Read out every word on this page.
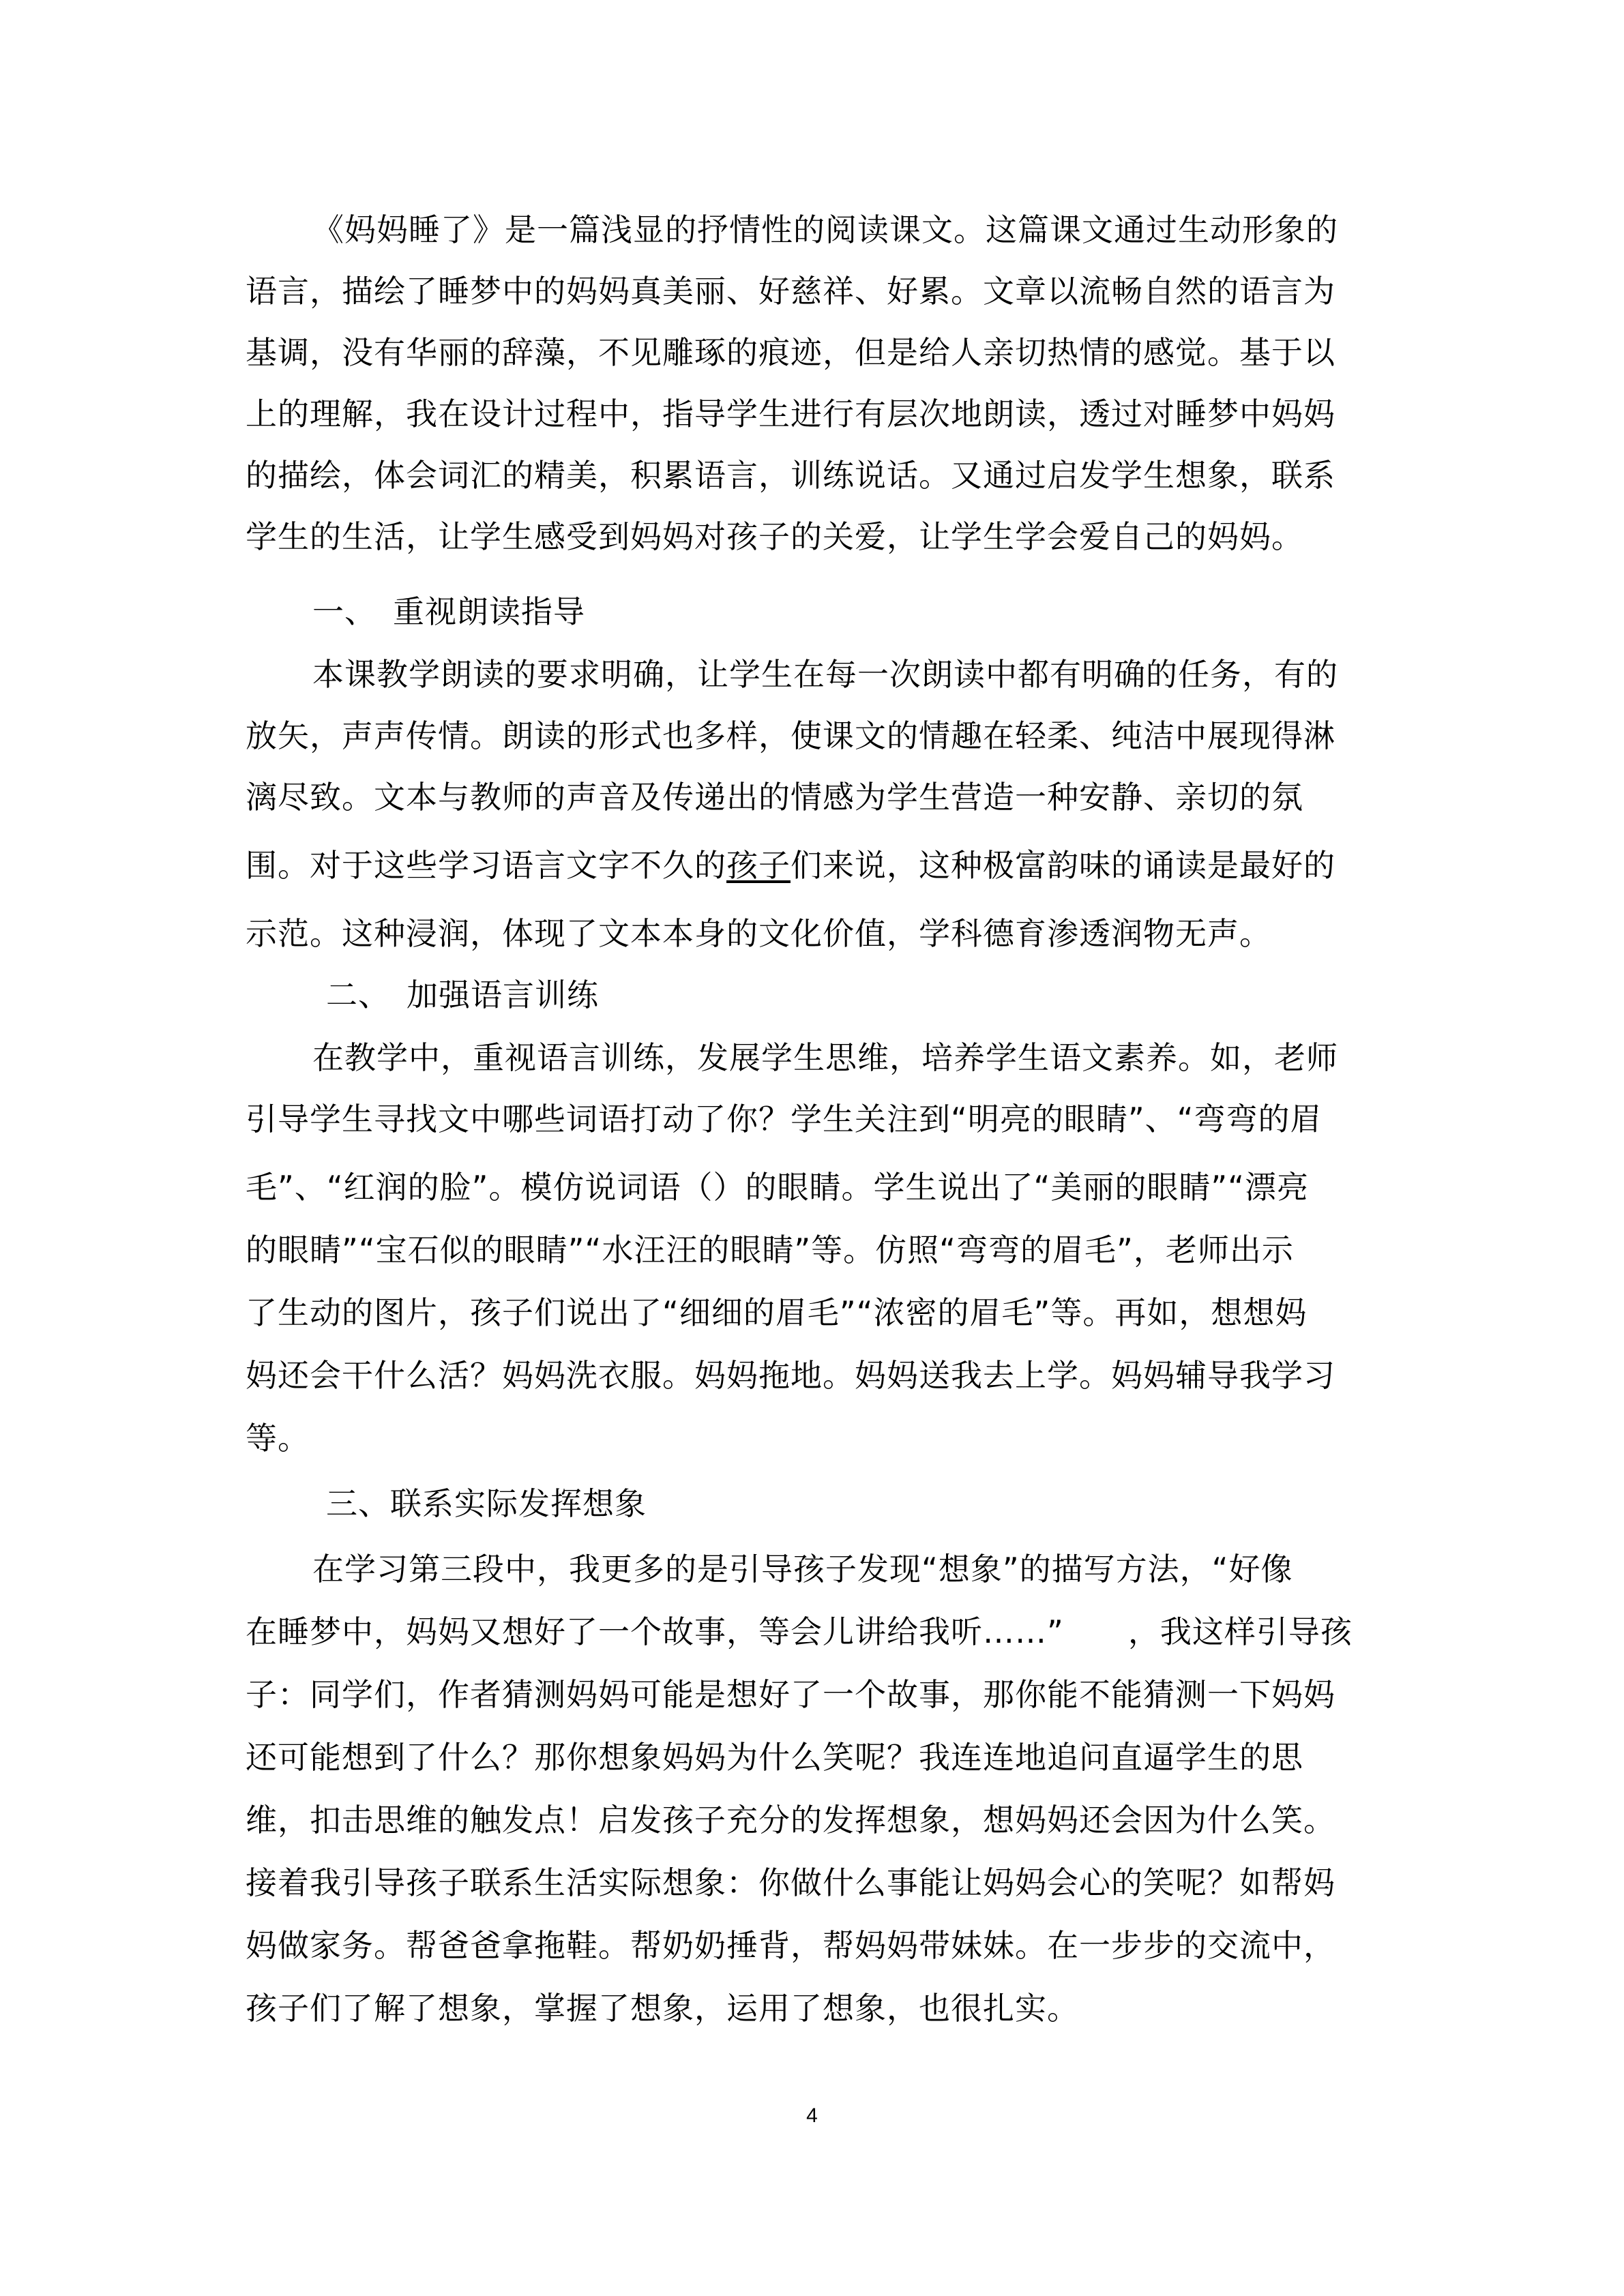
《妈妈睡了》是一篇浅显的抒情性的阅读课文。这篇课文通过生动形象的
语言，描绘了睡梦中的妈妈真美丽、好慈祥、好累。文章以流畅自然的语言为
基调，没有华丽的辞藻，不见雕琢的痕迹，但是给人亲切热情的感觉。基于以
上的理解，我在设计过程中，指导学生进行有层次地朗读，透过对睡梦中妈妈
的描绘，体会词汇的精美，积累语言，训练说话。又通过启发学生想象，联系
学生的生活，让学生感受到妈妈对孩子的关爱，让学生学会爱自己的妈妈。
一、　重视朗读指导
本课教学朗读的要求明确，让学生在每一次朗读中都有明确的任务，有的
放矢，声声传情。朗读的形式也多样，使课文的情趣在轻柔、纯洁中展现得淋
漓尽致。文本与教师的声音及传递出的情感为学生营造一种安静、亲切的氛
围。对于这些学习语言文字不久的孩子们来说，这种极富韵味的诵读是最好的
示范。这种浸润，体现了文本本身的文化价值，学科德育渗透润物无声。
二、　加强语言训练
在教学中，重视语言训练，发展学生思维，培养学生语文素养。如，老师
引导学生寻找文中哪些词语打动了你？学生关注到“明亮的眼睛”、“弯弯的眉
毛”、“红润的脸”。模仿说词语（）的眼睛。学生说出了“美丽的眼睛”“漂亮
的眼睛”“宝石似的眼睛”“水汪汪的眼睛”等。仿照“弯弯的眉毛”，老师出示
了生动的图片，孩子们说出了“细细的眉毛”“浓密的眉毛”等。再如，想想妈
妈还会干什么活？妈妈洗衣服。妈妈拖地。妈妈送我去上学。妈妈辅导我学习
等。
三、联系实际发挥想象
在学习第三段中，我更多的是引导孩子发现“想象”的描写方法，“好像
在睡梦中，妈妈又想好了一个故事，等会儿讲给我听……”　　，我这样引导孩
子：同学们，作者猜测妈妈可能是想好了一个故事，那你能不能猜测一下妈妈
还可能想到了什么？那你想象妈妈为什么笑呢？我连连地追问直逼学生的思
维，扣击思维的触发点！启发孩子充分的发挥想象，想妈妈还会因为什么笑。
接着我引导孩子联系生活实际想象：你做什么事能让妈妈会心的笑呢？如帮妈
妈做家务。帮爸爸拿拖鞋。帮奶奶捶背，帮妈妈带妹妹。在一步步的交流中，
孩子们了解了想象，掌握了想象，运用了想象，也很扎实。
4
